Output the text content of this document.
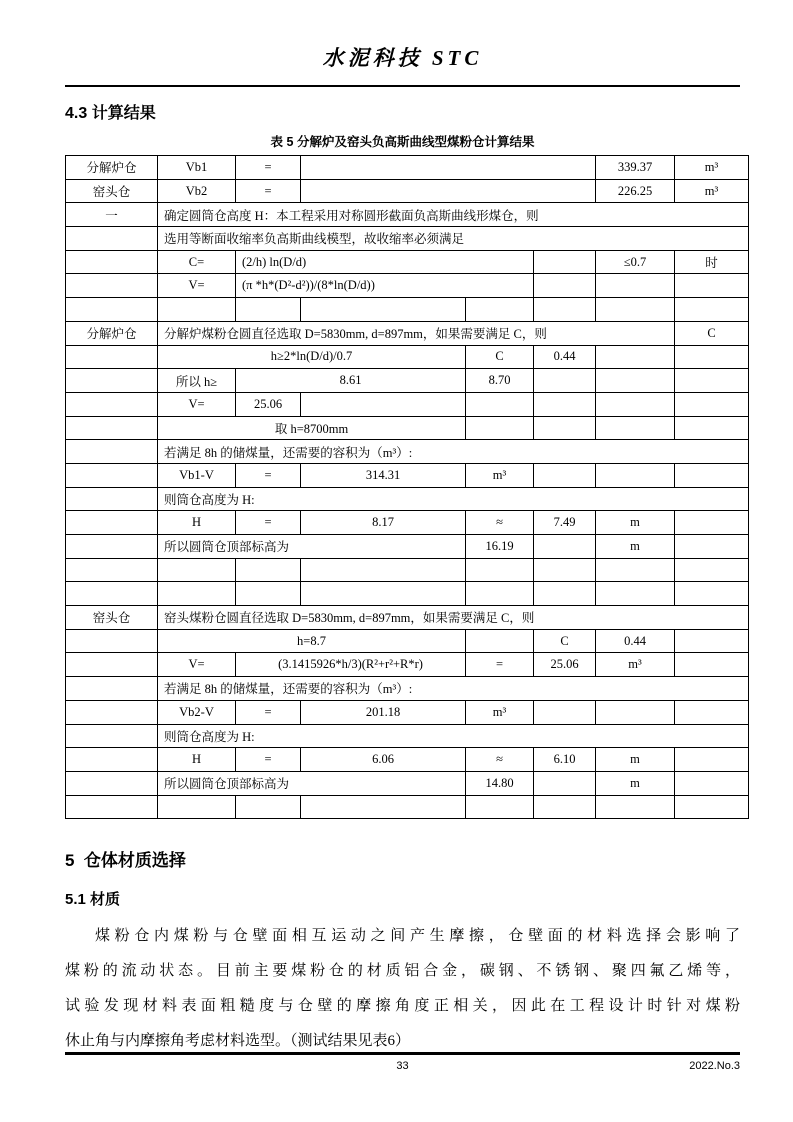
水泥科技 STC
4.3 计算结果
表 5 分解炉及窑头负高斯曲线型煤粉仓计算结果
分解炉仓	Vb1	=				339.37	m³
窑头仓	Vb2	=				226.25	m³
一	确定圆筒仓高度 H：本工程采用对称圆形截面负高斯曲线形煤仓，则						
	选用等断面收缩率负高斯曲线模型，故收缩率必须满足						
	C=	(2/h) ln(D/d)				≤0.7	时
	V=	(π *h*(D²-d²))/(8*ln(D/d))					

分解炉仓	分解炉煤粉仓圆直径选取 D=5830mm, d=897mm，如果需要满足 C，则						C
	h≥2*ln(D/d)/0.7			C	0.44		
	所以 h≥	8.61		8.70			
	V=	25.06					
	取 h=8700mm						
	若满足 8h 的储煤量，还需要的容积为（m³）:						
	Vb1-V	=	314.31	m³			
	则筒仓高度为 H:						
	H	=	8.17	≈	7.49	m	
	所以圆筒仓顶部标高为			16.19		m	

窑头仓	窑头煤粉仓圆直径选取 D=5830mm, d=897mm，如果需要满足 C，则						
	h=8.7				C	0.44	
	V=	(3.1415926*h/3)(R²+r²+R*r)		=	25.06	m³	
	若满足 8h 的储煤量，还需要的容积为（m³）:						
	Vb2-V	=	201.18	m³			
	则筒仓高度为 H:						
	H	=	6.06	≈	6.10	m	
	所以圆筒仓顶部标高为			14.80		m	

5  仓体材质选择
5.1 材质
煤粉仓内煤粉与仓壁面相互运动之间产生摩擦，仓壁面的材料选择会影响了
煤粉的流动状态。目前主要煤粉仓的材质铝合金，碳钢、不锈钢、聚四氟乙烯等，
试验发现材料表面粗糙度与仓壁的摩擦角度正相关，因此在工程设计时针对煤粉
休止角与内摩擦角考虑材料选型。（测试结果见表6）
33	2022.No.3
